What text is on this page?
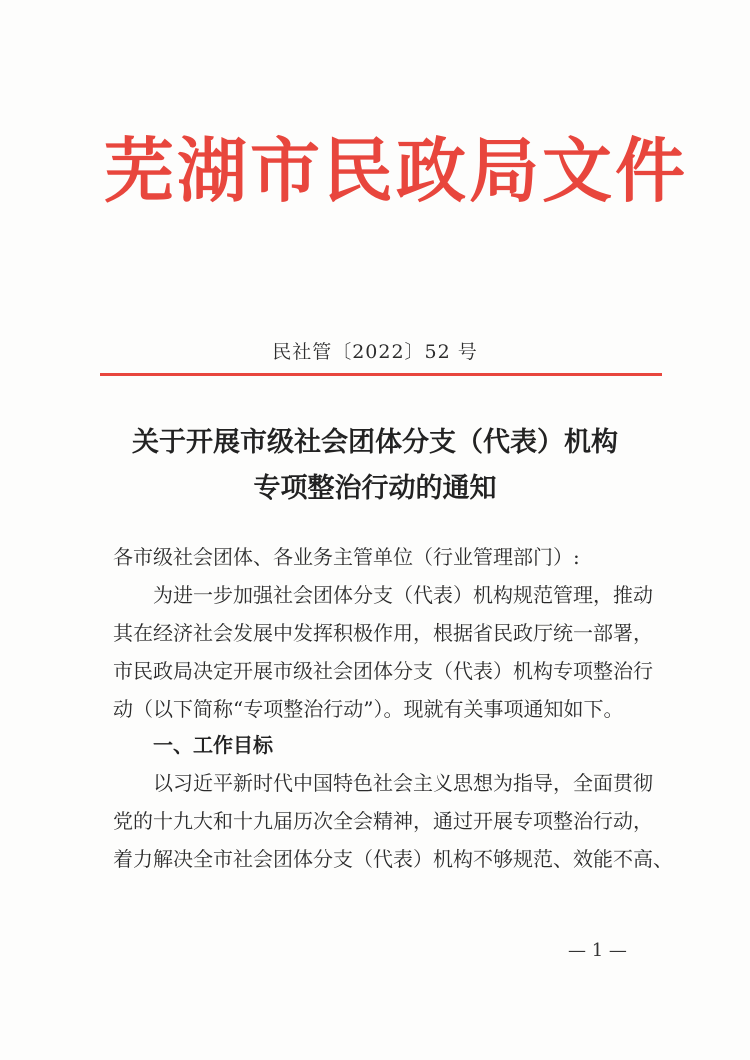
芜湖市民政局文件
民社管〔2022〕52 号
关于开展市级社会团体分支（代表）机构
专项整治行动的通知
各市级社会团体、各业务主管单位（行业管理部门）:
为进一步加强社会团体分支（代表）机构规范管理，推动
其在经济社会发展中发挥积极作用，根据省民政厅统一部署，
市民政局决定开展市级社会团体分支（代表）机构专项整治行
动（以下简称“专项整治行动”）。现就有关事项通知如下。
一、工作目标
以习近平新时代中国特色社会主义思想为指导，全面贯彻
党的十九大和十九届历次全会精神，通过开展专项整治行动，
着力解决全市社会团体分支（代表）机构不够规范、效能不高、
— 1 —
